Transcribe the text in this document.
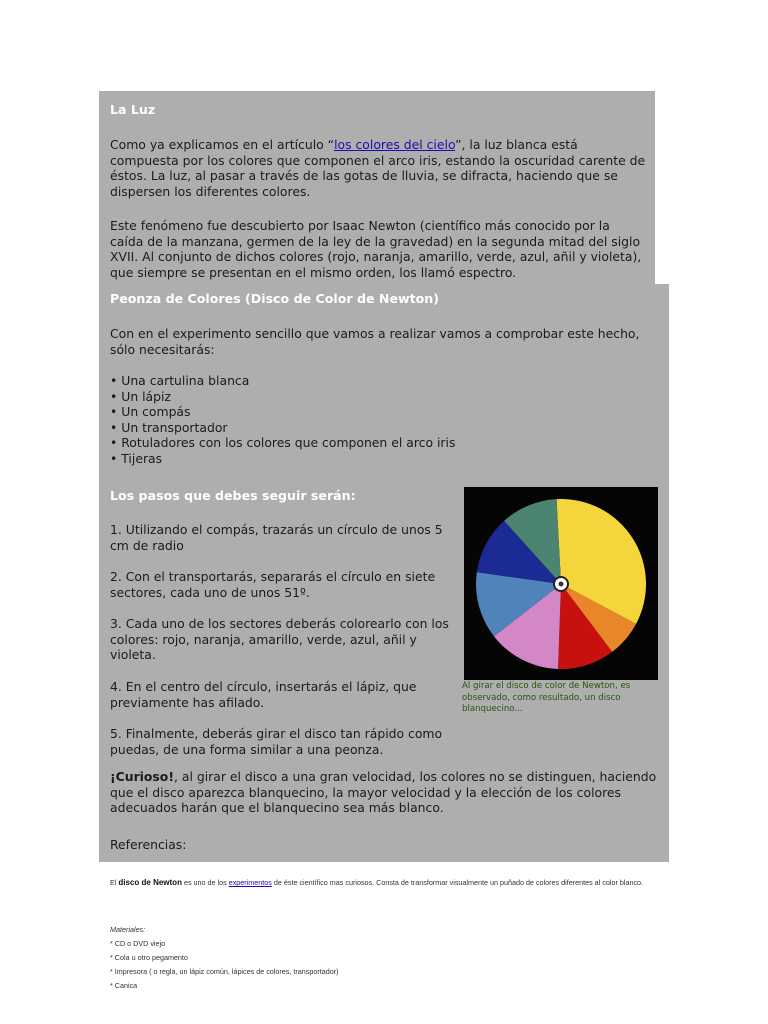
La Luz

Como ya explicamos en el artículo “los colores del cielo”, la luz blanca está compuesta por los colores que componen el arco iris, estando la oscuridad carente de éstos. La luz, al pasar a través de las gotas de lluvia, se difracta, haciendo que se dispersen los diferentes colores.

Este fenómeno fue descubierto por Isaac Newton (científico más conocido por la caída de la manzana, germen de la ley de la gravedad) en la segunda mitad del siglo XVII. Al conjunto de dichos colores (rojo, naranja, amarillo, verde, azul, añil y violeta), que siempre se presentan en el mismo orden, los llamó espectro.

Peonza de Colores (Disco de Color de Newton)

Con en el experimento sencillo que vamos a realizar vamos a comprobar este hecho, sólo necesitarás:

• Una cartulina blanca
• Un lápiz
• Un compás
• Un transportador
• Rotuladores con los colores que componen el arco iris
• Tijeras

Los pasos que debes seguir serán:

1. Utilizando el compás, trazarás un círculo de unos 5 cm de radio

2. Con el transportarás, separarás el círculo en siete sectores, cada uno de unos 51º.

3. Cada uno de los sectores deberás colorearlo con los colores: rojo, naranja, amarillo, verde, azul, añil y violeta.

4. En el centro del círculo, insertarás el lápiz, que previamente has afilado.

5. Finalmente, deberás girar el disco tan rápido como puedas, de una forma similar a una peonza.

¡Curioso!, al girar el disco a una gran velocidad, los colores no se distinguen, haciendo que el disco aparezca blanquecino, la mayor velocidad y la elección de los colores adecuados harán que el blanquecino sea más blanco.

Referencias:

Al girar el disco de color de Newton, es observado, como resultado, un disco blanquecino...
El disco de Newton es uno de los experimentos de éste científico mas curiosos. Consta de transformar visualmente un puñado de colores diferentes al color blanco.
Materiales:
* CD o DVD viejo
* Cola u otro pegamento
* Impresora ( o regla, un lápiz común, lápices de colores, transportador)
* Canica
